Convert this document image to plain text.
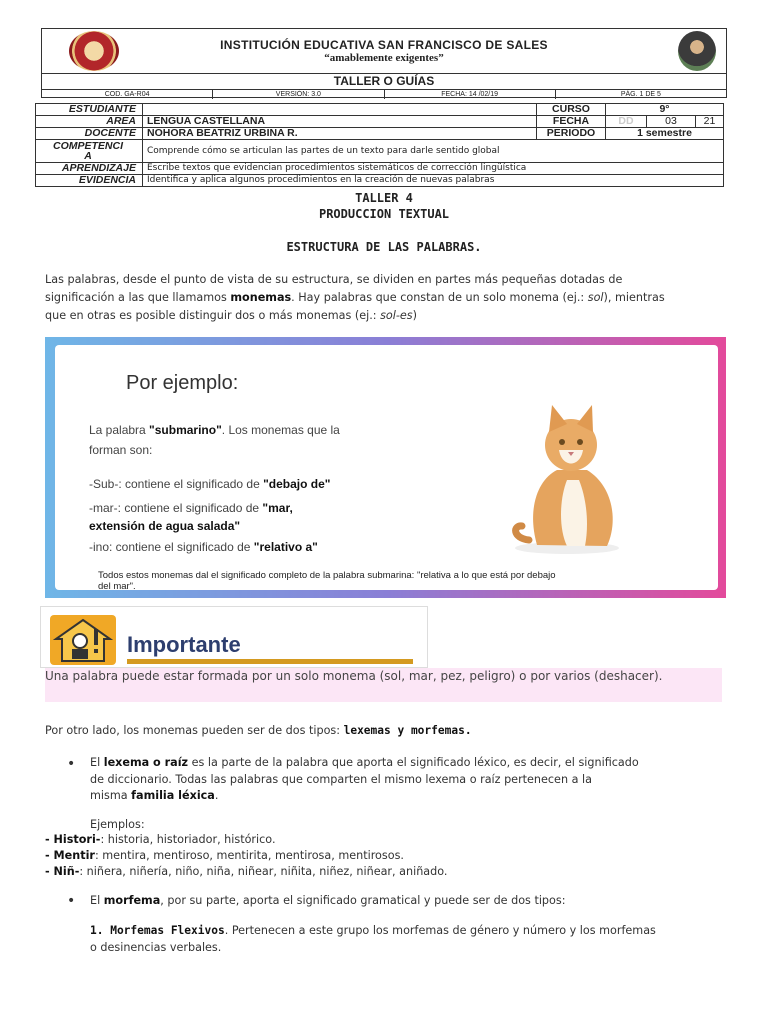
INSTITUCIÓN EDUCATIVA SAN FRANCISCO DE SALES
“amablemente exigentes”
TALLER O GUÍAS
COD. GA-R04	VERSIÓN: 3.0	FECHA: 14 /02/19	PÁG. 1 DE 5
ESTUDIANTE		CURSO	9°		
AREA	LENGUA CASTELLANA	FECHA	DD	03	21
DOCENTE	NOHORA BEATRIZ URBINA R.	PERIODO	1 semestre		
COMPETENCI
A	Comprende cómo se articulan las partes de un texto para darle sentido global				
APRENDIZAJE	Escribe textos que evidencian procedimientos sistemáticos de corrección lingüística				
EVIDENCIA	Identifica y aplica algunos procedimientos en la creación de nuevas palabras				
TALLER 4
PRODUCCION TEXTUAL
ESTRUCTURA DE LAS PALABRAS.
Las palabras, desde el punto de vista de su estructura, se dividen en partes más pequeñas dotadas de
significación a las que llamamos monemas. Hay palabras que constan de un solo monema (ej.: sol), mientras
que en otras es posible distinguir dos o más monemas (ej.: sol-es)
Por ejemplo:
La palabra "submarino". Los monemas que la
forman son:
-Sub-: contiene el significado de "debajo de"
-mar-: contiene el significado de "mar,
extensión de agua salada"
-ino: contiene el significado de "relativo a"
Todos estos monemas dal el significado completo de la palabra submarina: "relativa a lo que está por debajo del mar".
Importante
Una palabra puede estar formada por un solo monema (sol, mar, pez, peligro) o por varios (deshacer).
Por otro lado, los monemas pueden ser de dos tipos: lexemas y morfemas.
• El lexema o raíz es la parte de la palabra que aporta el significado léxico, es decir, el significado
de diccionario. Todas las palabras que comparten el mismo lexema o raíz pertenecen a la
misma familia léxica.
Ejemplos:
- Histori-: historia, historiador, histórico.
- Mentir: mentira, mentiroso, mentirita, mentirosa, mentirosos.
- Niñ-: niñera, niñería, niño, niña, niñear, niñita, niñez, niñear, aniñado.
• El morfema, por su parte, aporta el significado gramatical y puede ser de dos tipos:
1. Morfemas Flexivos. Pertenecen a este grupo los morfemas de género y número y los morfemas
o desinencias verbales.
